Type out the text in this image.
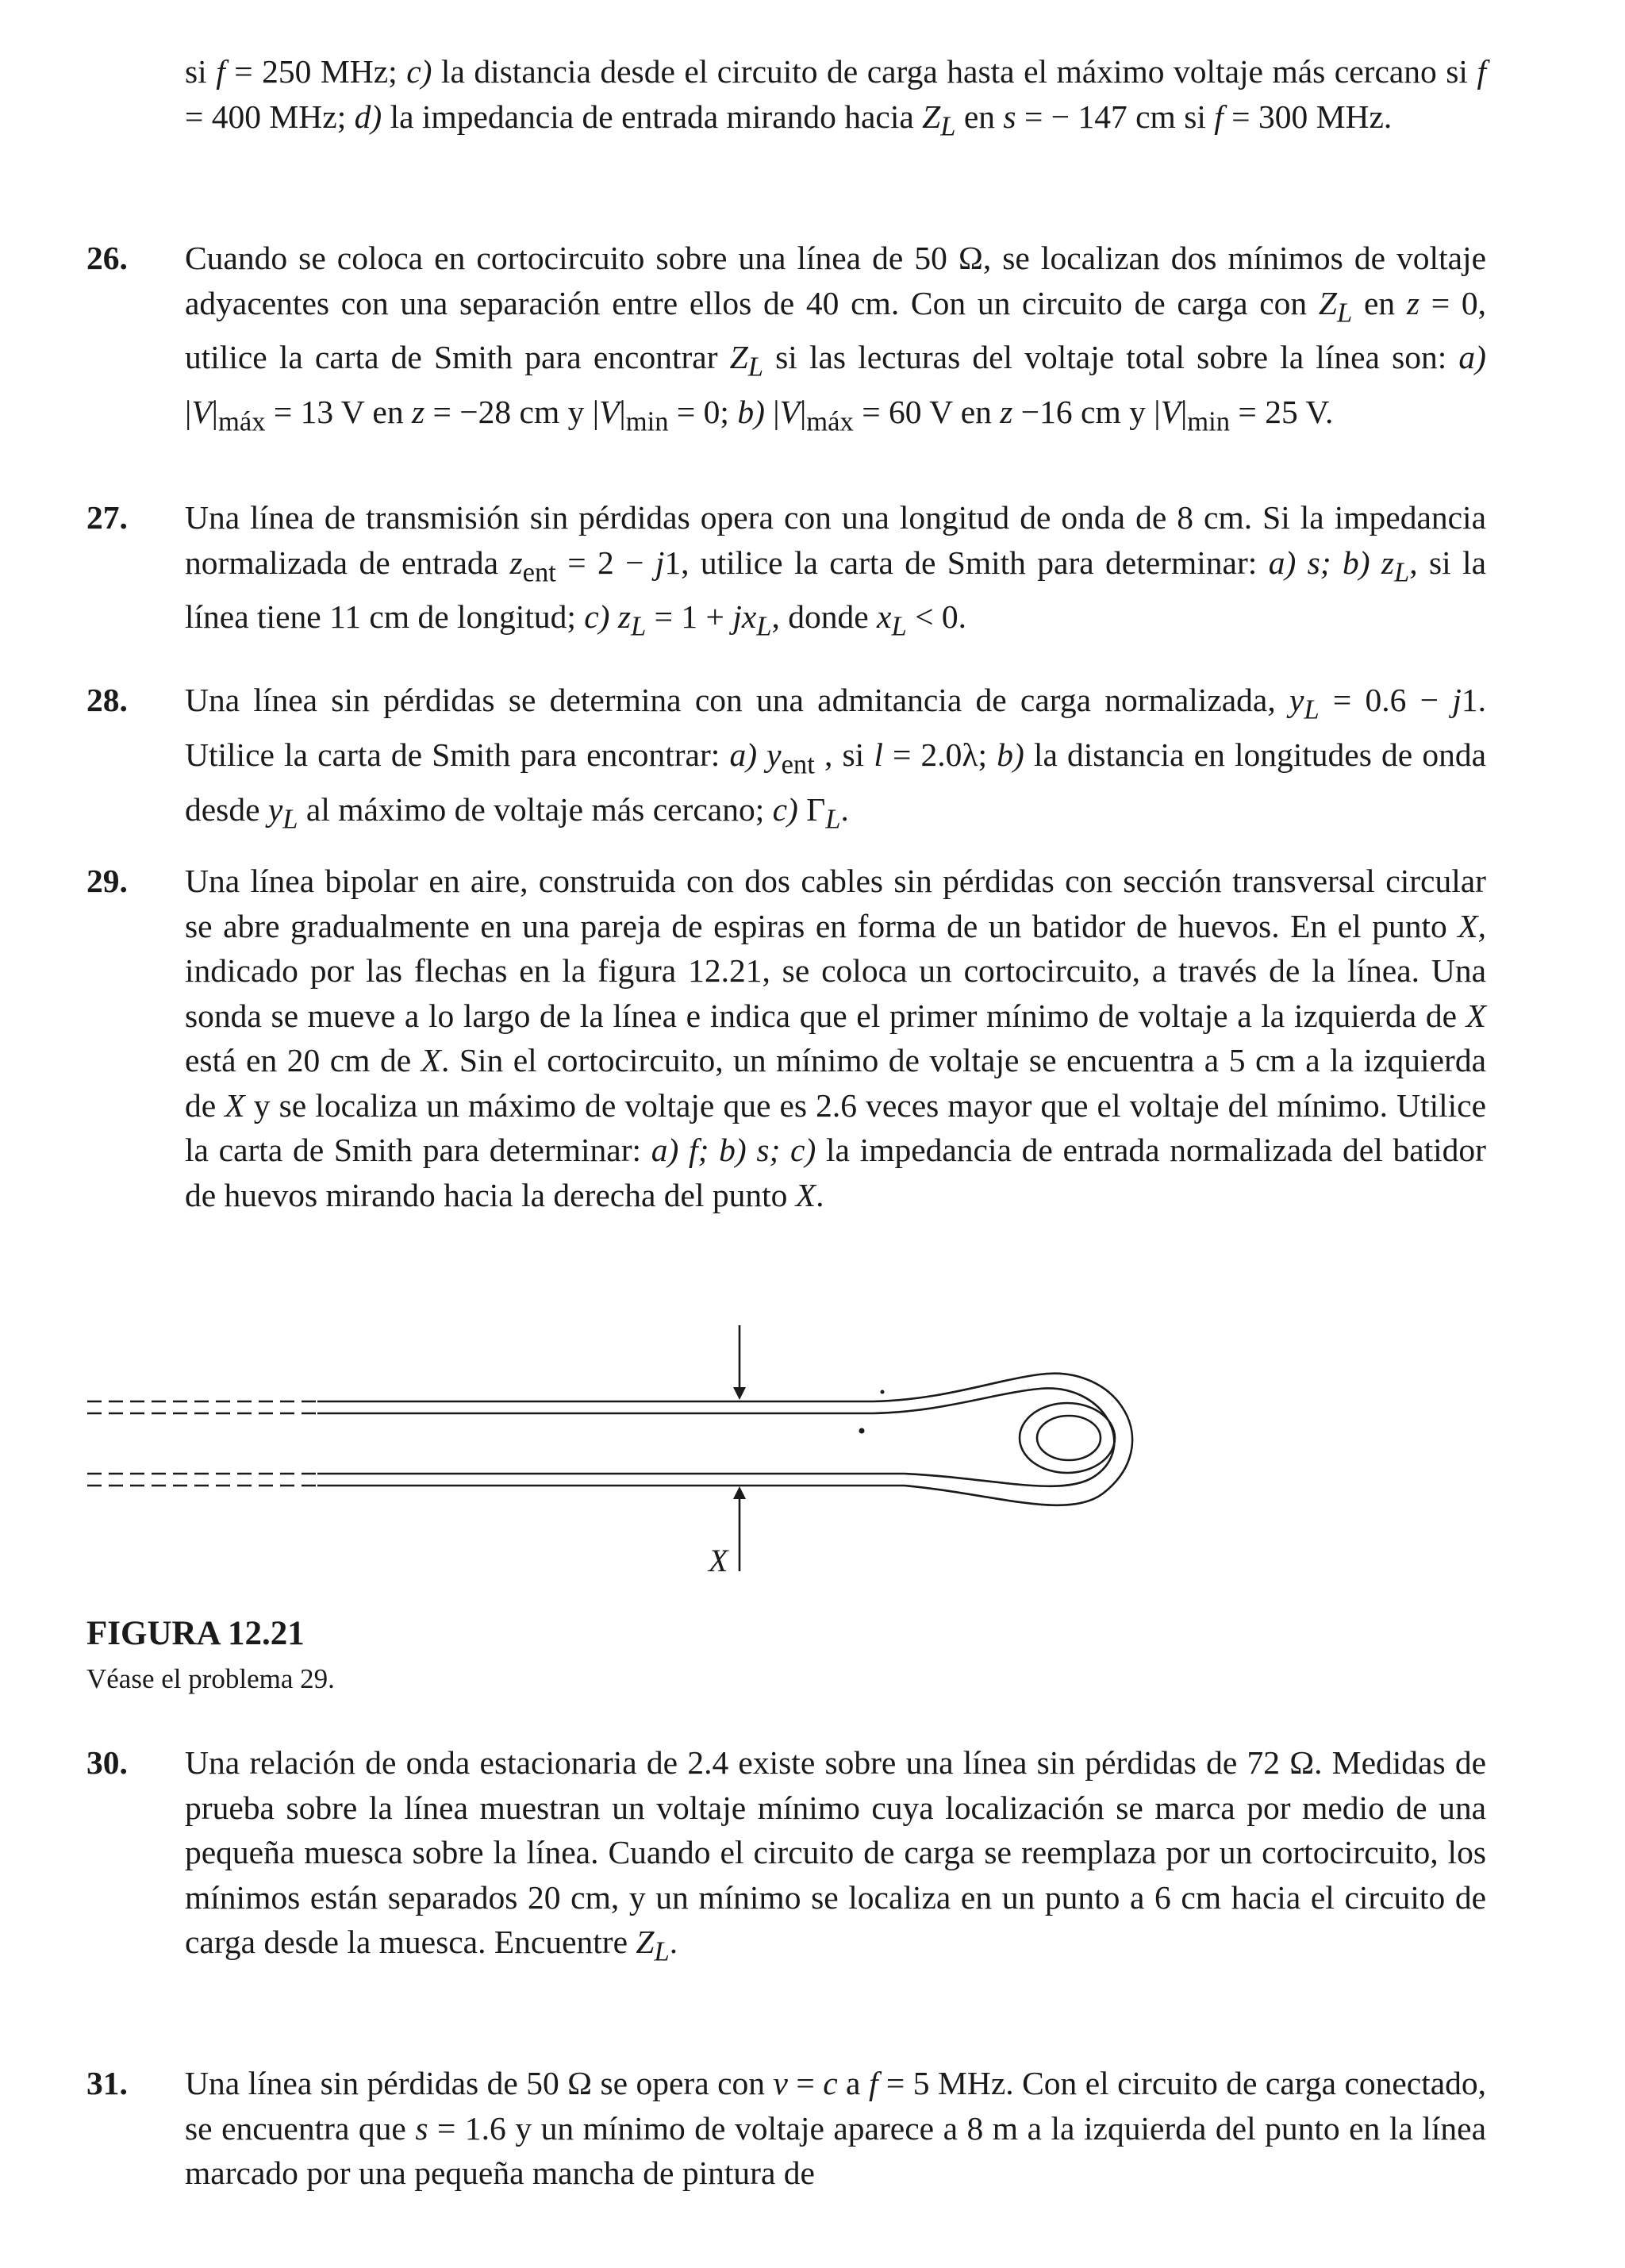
si f = 250 MHz; c) la distancia desde el circuito de carga hasta el máximo voltaje más cercano si f = 400 MHz; d) la impedancia de entrada mirando hacia $Z_L$ en s = − 147 cm si f = 300 MHz.
26. Cuando se coloca en cortocircuito sobre una línea de 50 Ω, se localizan dos mínimos de voltaje adyacentes con una separación entre ellos de 40 cm. Con un circuito de carga con $Z_L$ en z = 0, utilice la carta de Smith para encontrar $Z_L$ si las lecturas del voltaje total sobre la línea son: a) $|V|_{máx} = 13$ V en z = −28 cm y $|V|_{min} = 0$; b) $|V|_{máx} = 60$ V en z −16 cm y $|V|_{min} = 25$ V.
27. Una línea de transmisión sin pérdidas opera con una longitud de onda de 8 cm. Si la impedancia normalizada de entrada $z_{ent} = 2 - j1$, utilice la carta de Smith para determinar: a) s; b) $z_L$, si la línea tiene 11 cm de longitud; c) $z_L = 1 + jx_L$, donde $x_L < 0$.
28. Una línea sin pérdidas se determina con una admitancia de carga normalizada, $y_L = 0.6 - j1$. Utilice la carta de Smith para encontrar: a) $y_{ent}$ , si l = 2.0λ; b) la distancia en longitudes de onda desde $y_L$ al máximo de voltaje más cercano; c) $\Gamma_L$.
29. Una línea bipolar en aire, construida con dos cables sin pérdidas con sección transversal circular se abre gradualmente en una pareja de espiras en forma de un batidor de huevos. En el punto X, indicado por las flechas en la figura 12.21, se coloca un cortocircuito, a través de la línea. Una sonda se mueve a lo largo de la línea e indica que el primer mínimo de voltaje a la izquierda de X está en 20 cm de X. Sin el cortocircuito, un mínimo de voltaje se encuentra a 5 cm a la izquierda de X y se localiza un máximo de voltaje que es 2.6 veces mayor que el voltaje del mínimo. Utilice la carta de Smith para determinar: a) f; b) s; c) la impedancia de entrada normalizada del batidor de huevos mirando hacia la derecha del punto X.
X
FIGURA 12.21
Véase el problema 29.
30. Una relación de onda estacionaria de 2.4 existe sobre una línea sin pérdidas de 72 Ω. Medidas de prueba sobre la línea muestran un voltaje mínimo cuya localización se marca por medio de una pequeña muesca sobre la línea. Cuando el circuito de carga se reemplaza por un cortocircuito, los mínimos están separados 20 cm, y un mínimo se localiza en un punto a 6 cm hacia el circuito de carga desde la muesca. Encuentre $Z_L$.
31. Una línea sin pérdidas de 50 Ω se opera con v = c a f = 5 MHz. Con el circuito de carga conectado, se encuentra que s = 1.6 y un mínimo de voltaje aparece a 8 m a la izquierda del punto en la línea marcado por una pequeña mancha de pintura de
